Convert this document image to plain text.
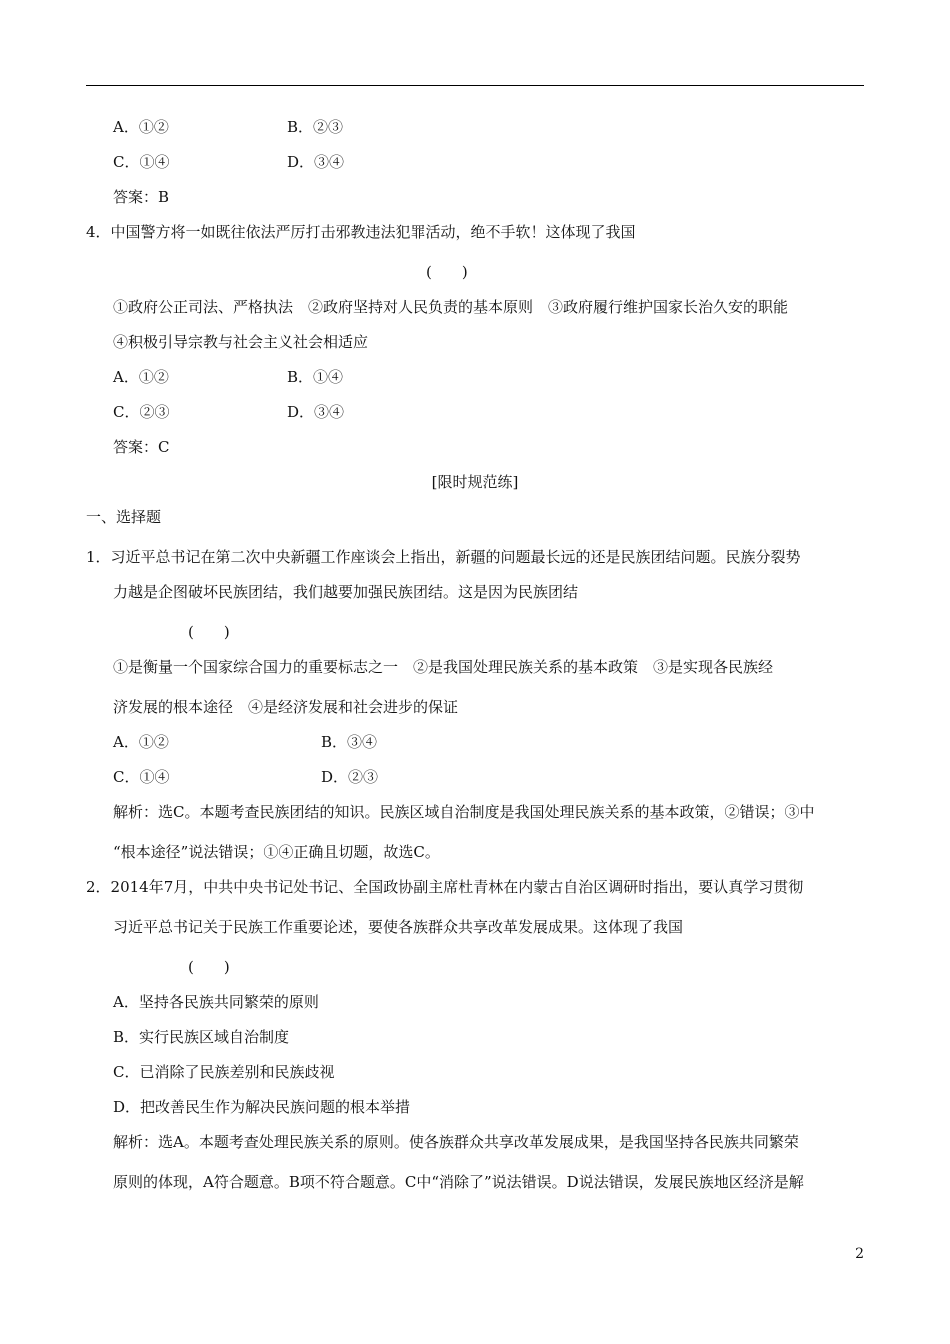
A．①②	B．②③
C．①④	D．③④
答案：B
4．中国警方将一如既往依法严厉打击邪教违法犯罪活动，绝不手软！这体现了我国
(　　)
①政府公正司法、严格执法　②政府坚持对人民负责的基本原则　③政府履行维护国家长治久安的职能
④积极引导宗教与社会主义社会相适应
A．①②	B．①④
C．②③	D．③④
答案：C
[限时规范练]
一、选择题
1．习近平总书记在第二次中央新疆工作座谈会上指出，新疆的问题最长远的还是民族团结问题。民族分裂势
力越是企图破坏民族团结，我们越要加强民族团结。这是因为民族团结
(　　)
①是衡量一个国家综合国力的重要标志之一　②是我国处理民族关系的基本政策　③是实现各民族经
济发展的根本途径　④是经济发展和社会进步的保证
A．①②	B．③④
C．①④	D．②③
解析：选C。本题考查民族团结的知识。民族区域自治制度是我国处理民族关系的基本政策，②错误；③中
“根本途径”说法错误；①④正确且切题，故选C。
2．2014年7月，中共中央书记处书记、全国政协副主席杜青林在内蒙古自治区调研时指出，要认真学习贯彻
习近平总书记关于民族工作重要论述，要使各族群众共享改革发展成果。这体现了我国
(　　)
A．坚持各民族共同繁荣的原则
B．实行民族区域自治制度
C．已消除了民族差别和民族歧视
D．把改善民生作为解决民族问题的根本举措
解析：选A。本题考查处理民族关系的原则。使各族群众共享改革发展成果，是我国坚持各民族共同繁荣
原则的体现，A符合题意。B项不符合题意。C中“消除了”说法错误。D说法错误，发展民族地区经济是解
2
